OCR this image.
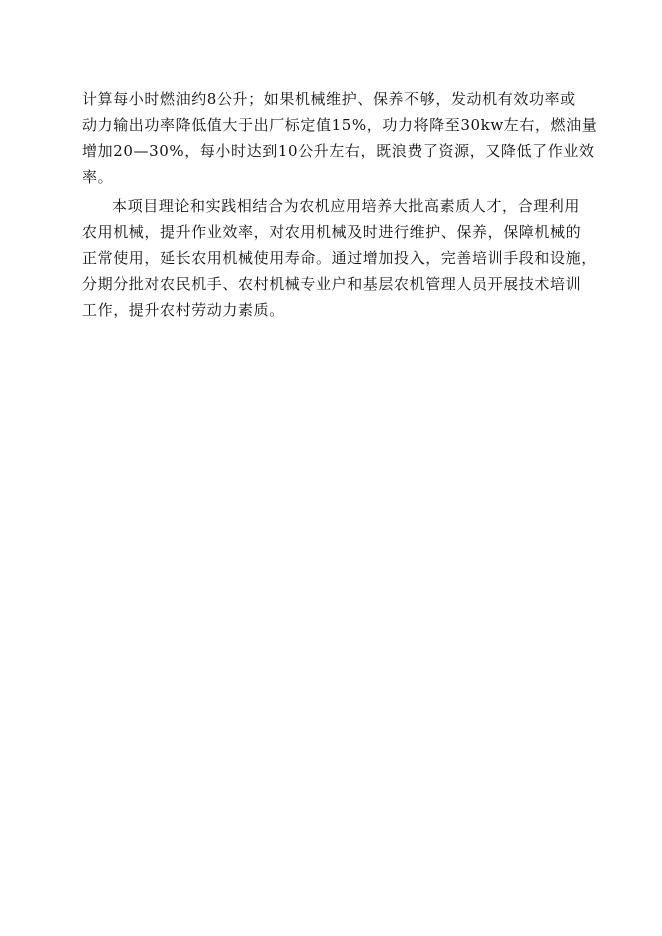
计算每小时燃油约8公升；如果机械维护、保养不够，发动机有效功率或
动力输出功率降低值大于出厂标定值15%，功力将降至30kw左右，燃油量
增加20—30%，每小时达到10公升左右，既浪费了资源，又降低了作业效
率。
本项目理论和实践相结合为农机应用培养大批高素质人才，合理利用
农用机械，提升作业效率，对农用机械及时进行维护、保养，保障机械的
正常使用，延长农用机械使用寿命。通过增加投入，完善培训手段和设施，
分期分批对农民机手、农村机械专业户和基层农机管理人员开展技术培训
工作，提升农村劳动力素质。
